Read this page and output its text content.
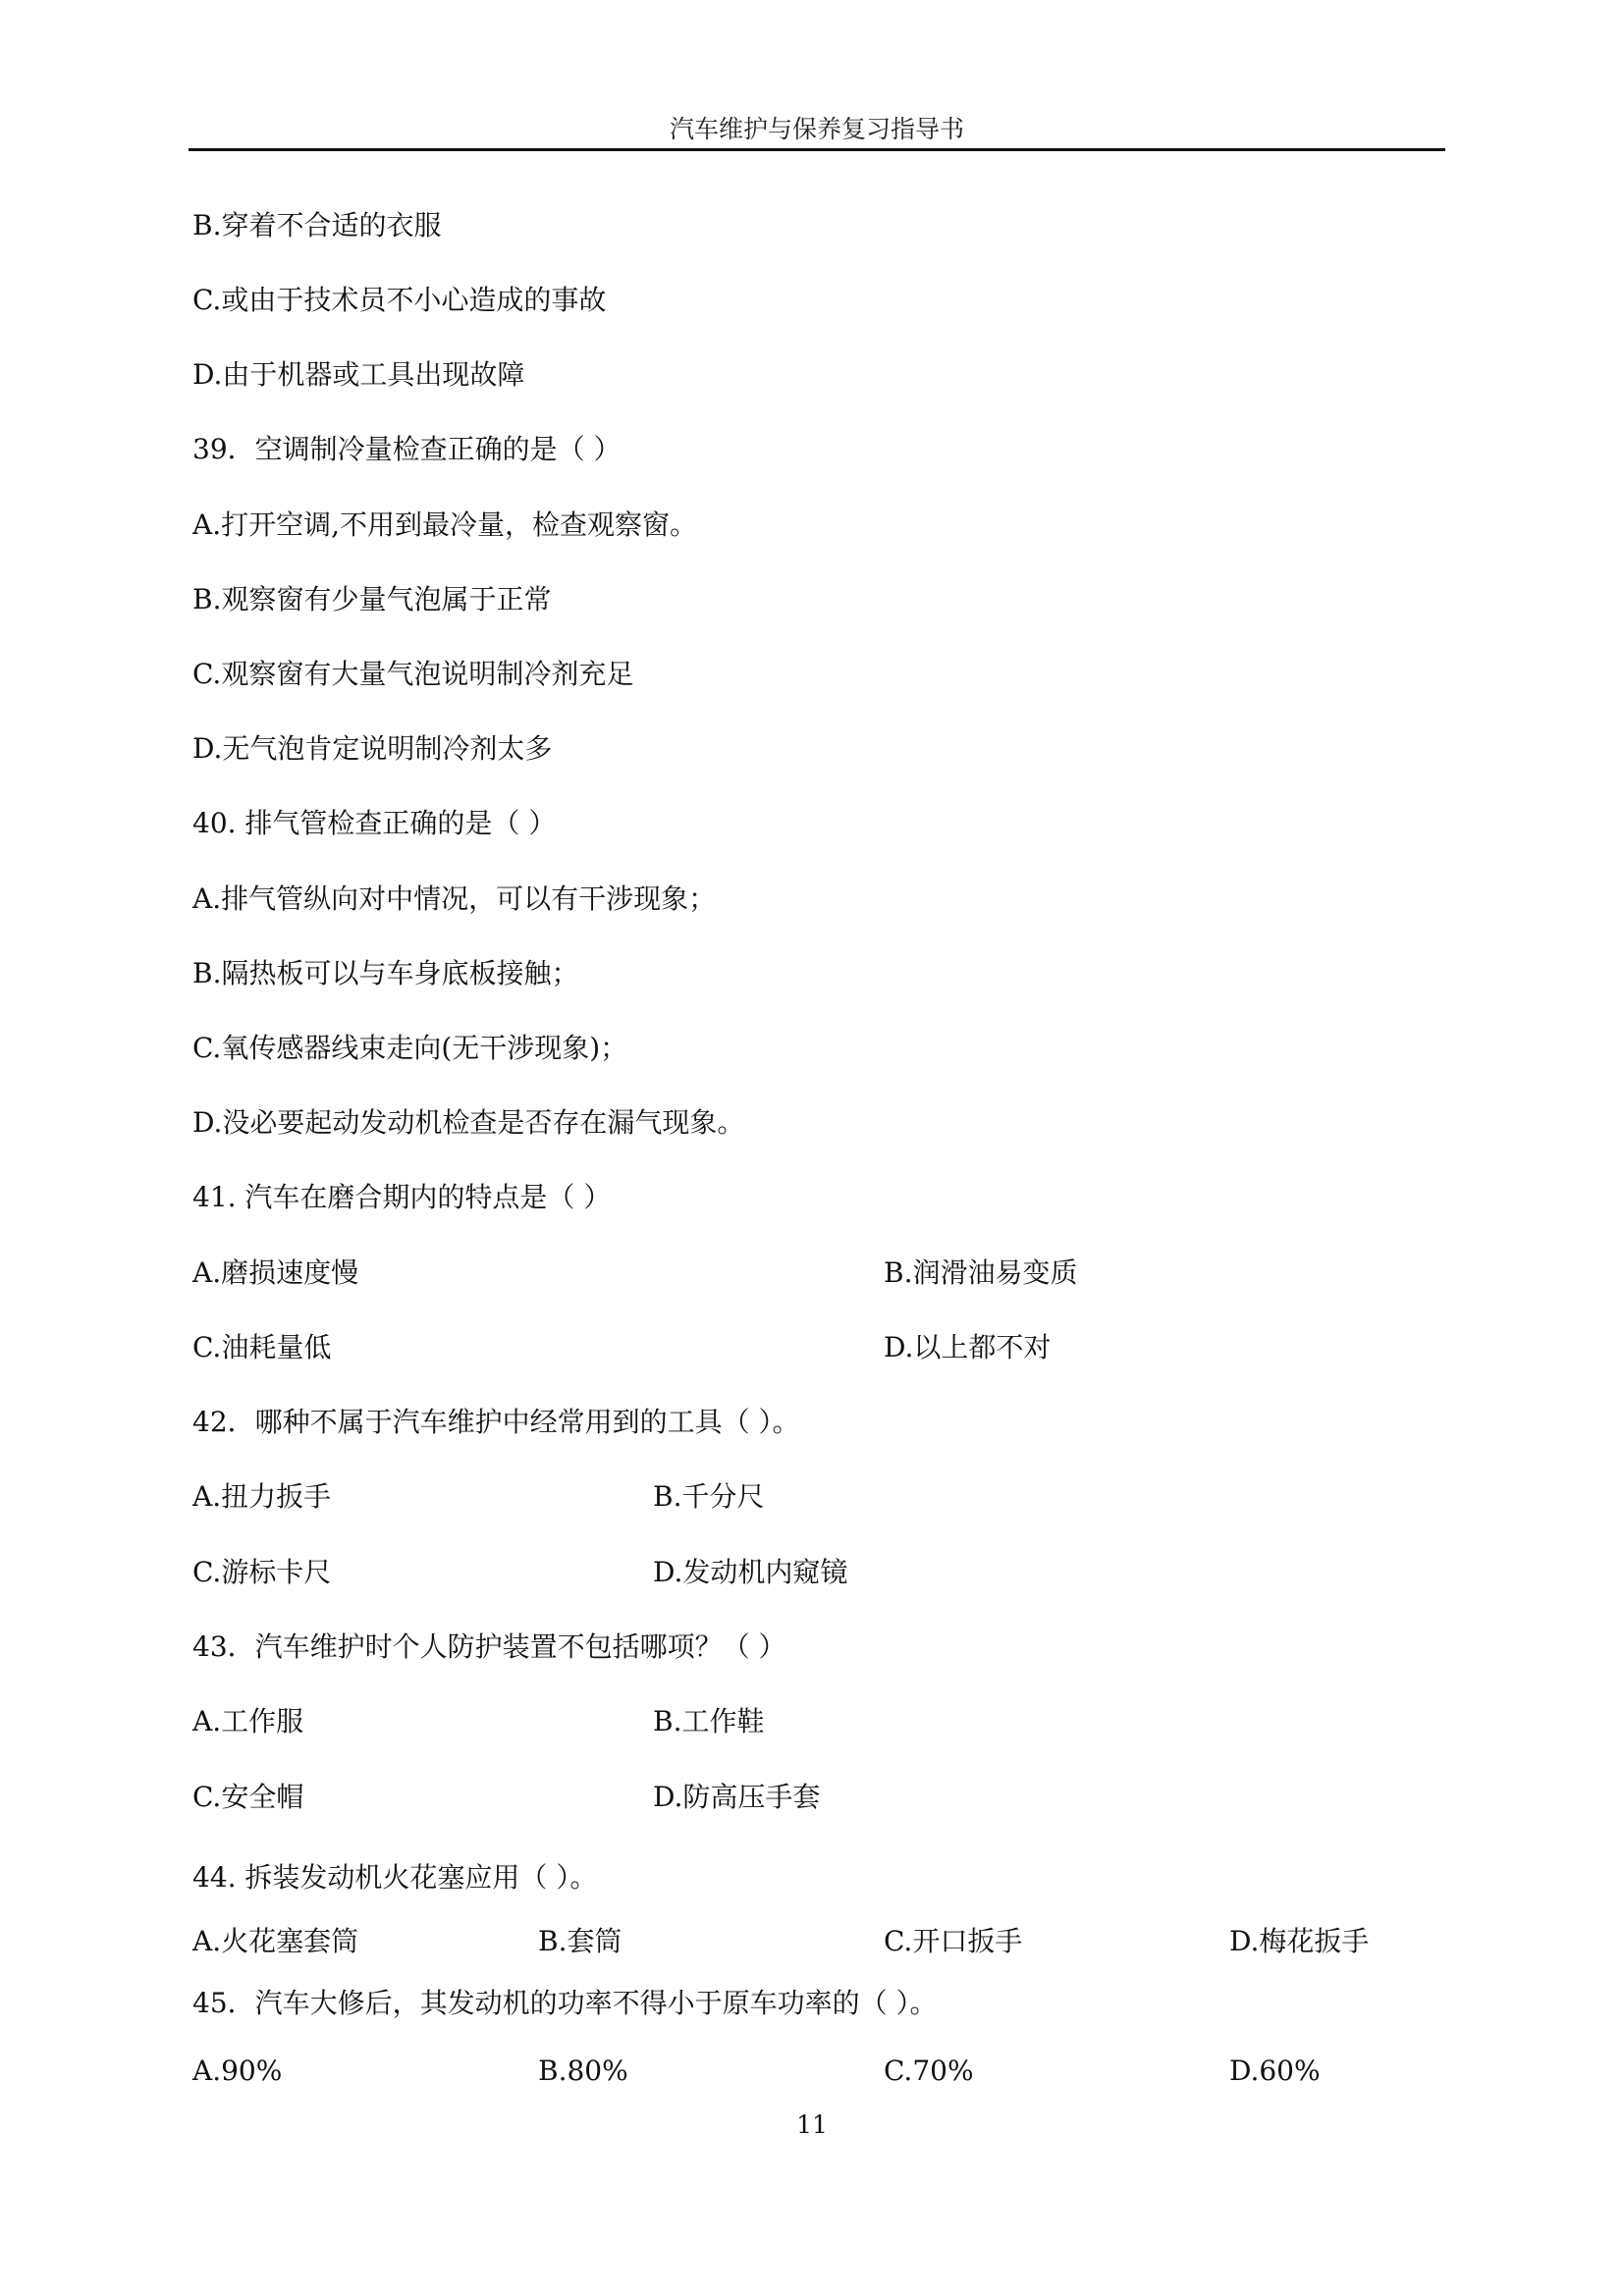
汽车维护与保养复习指导书
B.穿着不合适的衣服
C.或由于技术员不小心造成的事故
D.由于机器或工具出现故障
39．空调制冷量检查正确的是（ ）
A.打开空调,不用到最冷量，检查观察窗。
B.观察窗有少量气泡属于正常
C.观察窗有大量气泡说明制冷剂充足
D.无气泡肯定说明制冷剂太多
40. 排气管检查正确的是（ ）
A.排气管纵向对中情况，可以有干涉现象；
B.隔热板可以与车身底板接触；
C.氧传感器线束走向(无干涉现象)；
D.没必要起动发动机检查是否存在漏气现象。
41. 汽车在磨合期内的特点是（ ）
A.磨损速度慢	B.润滑油易变质
C.油耗量低	D.以上都不对
42．哪种不属于汽车维护中经常用到的工具（ ）。
A.扭力扳手	B.千分尺
C.游标卡尺	D.发动机内窥镜
43．汽车维护时个人防护装置不包括哪项？（ ）
A.工作服	B.工作鞋
C.安全帽	D.防高压手套
44. 拆装发动机火花塞应用（ ）。
A.火花塞套筒	B.套筒	C.开口扳手	D.梅花扳手
45．汽车大修后，其发动机的功率不得小于原车功率的（ ）。
A.90%	B.80%	C.70%	D.60%
11
